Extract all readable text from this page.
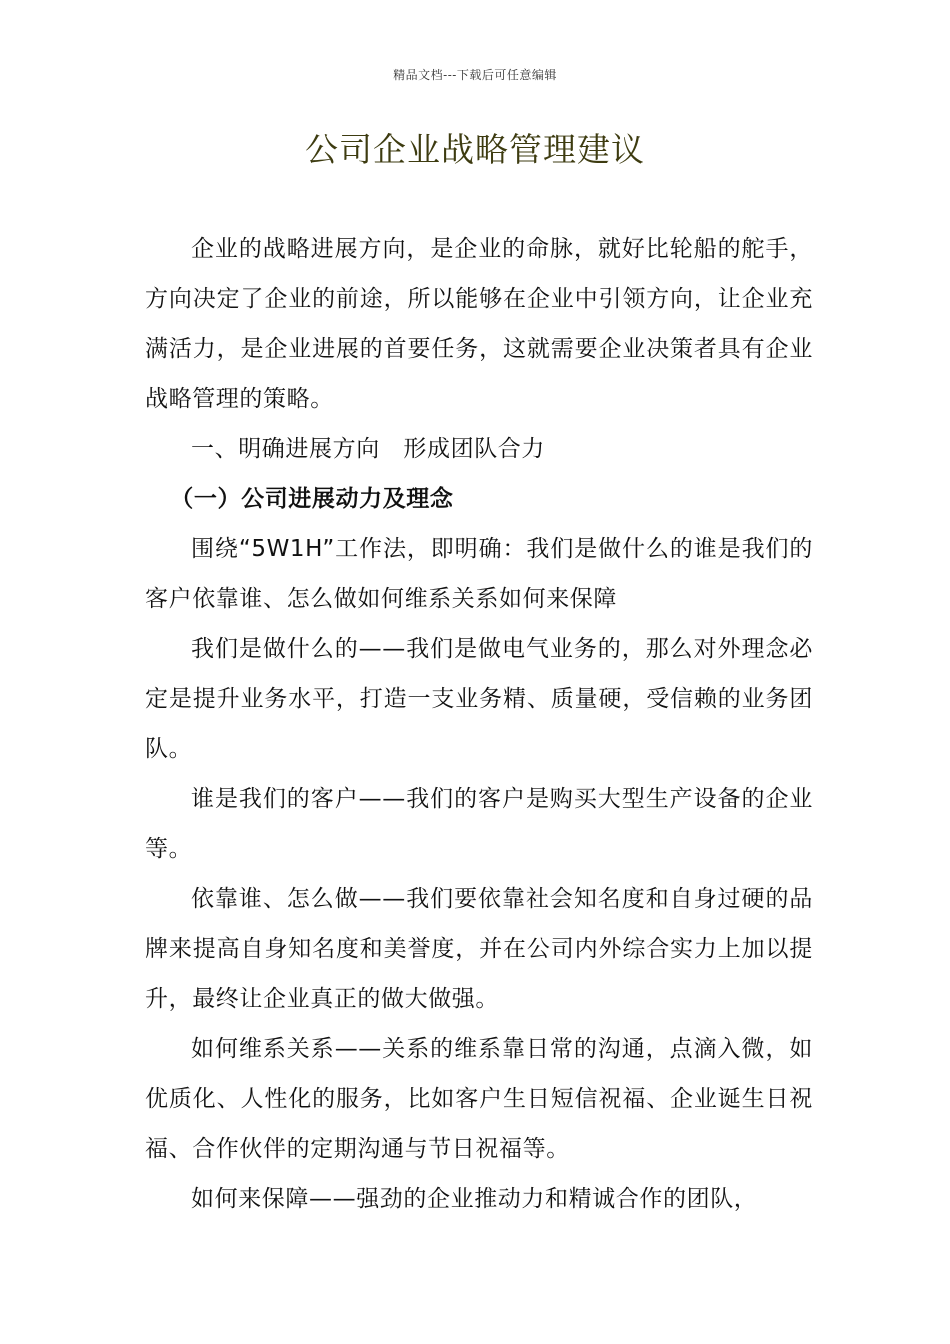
精品文档---下载后可任意编辑
公司企业战略管理建议

企业的战略进展方向，是企业的命脉，就好比轮船的舵手，方向决定了企业的前途，所以能够在企业中引领方向，让企业充满活力，是企业进展的首要任务，这就需要企业决策者具有企业战略管理的策略。

一、明确进展方向　形成团队合力

（一）公司进展动力及理念

围绕“5W1H”工作法，即明确：我们是做什么的谁是我们的客户依靠谁、怎么做如何维系关系如何来保障

我们是做什么的——我们是做电气业务的，那么对外理念必定是提升业务水平，打造一支业务精、质量硬，受信赖的业务团队。

谁是我们的客户——我们的客户是购买大型生产设备的企业等。

依靠谁、怎么做——我们要依靠社会知名度和自身过硬的品牌来提高自身知名度和美誉度，并在公司内外综合实力上加以提升，最终让企业真正的做大做强。

如何维系关系——关系的维系靠日常的沟通，点滴入微，如优质化、人性化的服务，比如客户生日短信祝福、企业诞生日祝福、合作伙伴的定期沟通与节日祝福等。

如何来保障——强劲的企业推动力和精诚合作的团队，
